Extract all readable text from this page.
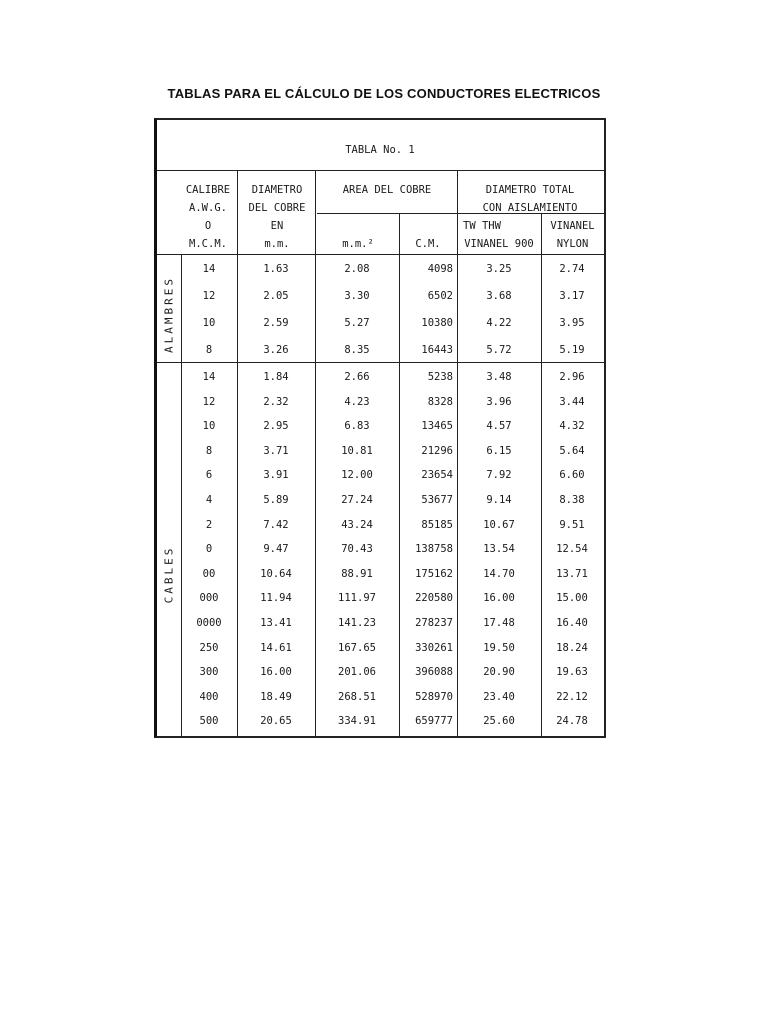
TABLAS PARA EL CÁLCULO DE LOS CONDUCTORES ELECTRICOS
TABLA No. 1
CALIBRE
A.W.G.
O
M.C.M.
DIAMETRO
DEL COBRE
EN
m.m.
AREA DEL COBRE
m.m.²	C.M.
DIAMETRO TOTAL
CON AISLAMIENTO
TW THW
VINANEL 900
VINANEL
NYLON
ALAMBRES
CABLES
14	1.63	2.08	4098	3.25	2.74
12	2.05	3.30	6502	3.68	3.17
10	2.59	5.27	10380	4.22	3.95
8	3.26	8.35	16443	5.72	5.19
14	1.84	2.66	5238	3.48	2.96
12	2.32	4.23	8328	3.96	3.44
10	2.95	6.83	13465	4.57	4.32
8	3.71	10.81	21296	6.15	5.64
6	3.91	12.00	23654	7.92	6.60
4	5.89	27.24	53677	9.14	8.38
2	7.42	43.24	85185	10.67	9.51
0	9.47	70.43	138758	13.54	12.54
00	10.64	88.91	175162	14.70	13.71
000	11.94	111.97	220580	16.00	15.00
0000	13.41	141.23	278237	17.48	16.40
250	14.61	167.65	330261	19.50	18.24
300	16.00	201.06	396088	20.90	19.63
400	18.49	268.51	528970	23.40	22.12
500	20.65	334.91	659777	25.60	24.78
